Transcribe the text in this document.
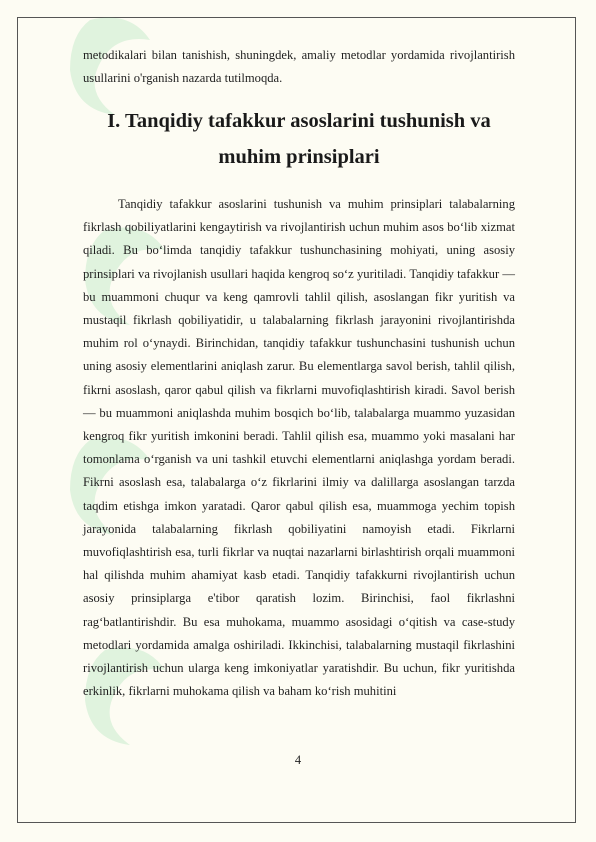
metodikalari bilan tanishish, shuningdek, amaliy metodlar yordamida rivojlantirish usullarini o'rganish nazarda tutilmoqda.

I. Tanqidiy tafakkur asoslarini tushunish va muhim prinsiplari

Tanqidiy tafakkur asoslarini tushunish va muhim prinsiplari talabalarning fikrlash qobiliyatlarini kengaytirish va rivojlantirish uchun muhim asos bo‘lib xizmat qiladi. Bu bo‘limda tanqidiy tafakkur tushunchasining mohiyati, uning asosiy prinsiplari va rivojlanish usullari haqida kengroq so‘z yuritiladi. Tanqidiy tafakkur — bu muammoni chuqur va keng qamrovli tahlil qilish, asoslangan fikr yuritish va mustaqil fikrlash qobiliyatidir, u talabalarning fikrlash jarayonini rivojlantirishda muhim rol o‘ynaydi. Birinchidan, tanqidiy tafakkur tushunchasini tushunish uchun uning asosiy elementlarini aniqlash zarur. Bu elementlarga savol berish, tahlil qilish, fikrni asoslash, qaror qabul qilish va fikrlarni muvofiqlashtirish kiradi. Savol berish — bu muammoni aniqlashda muhim bosqich bo‘lib, talabalarga muammo yuzasidan kengroq fikr yuritish imkonini beradi. Tahlil qilish esa, muammo yoki masalani har tomonlama o‘rganish va uni tashkil etuvchi elementlarni aniqlashga yordam beradi. Fikrni asoslash esa, talabalarga o‘z fikrlarini ilmiy va dalillarga asoslangan tarzda taqdim etishga imkon yaratadi. Qaror qabul qilish esa, muammoga yechim topish jarayonida talabalarning fikrlash qobiliyatini namoyish etadi. Fikrlarni muvofiqlashtirish esa, turli fikrlar va nuqtai nazarlarni birlashtirish orqali muammoni hal qilishda muhim ahamiyat kasb etadi. Tanqidiy tafakkurni rivojlantirish uchun asosiy prinsiplarga e'tibor qaratish lozim. Birinchisi, faol fikrlashni rag‘batlantirishdir. Bu esa muhokama, muammo asosidagi o‘qitish va case-study metodlari yordamida amalga oshiriladi. Ikkinchisi, talabalarning mustaqil fikrlashini rivojlantirish uchun ularga keng imkoniyatlar yaratishdir. Bu uchun, fikr yuritishda erkinlik, fikrlarni muhokama qilish va baham ko‘rish muhitini

4
